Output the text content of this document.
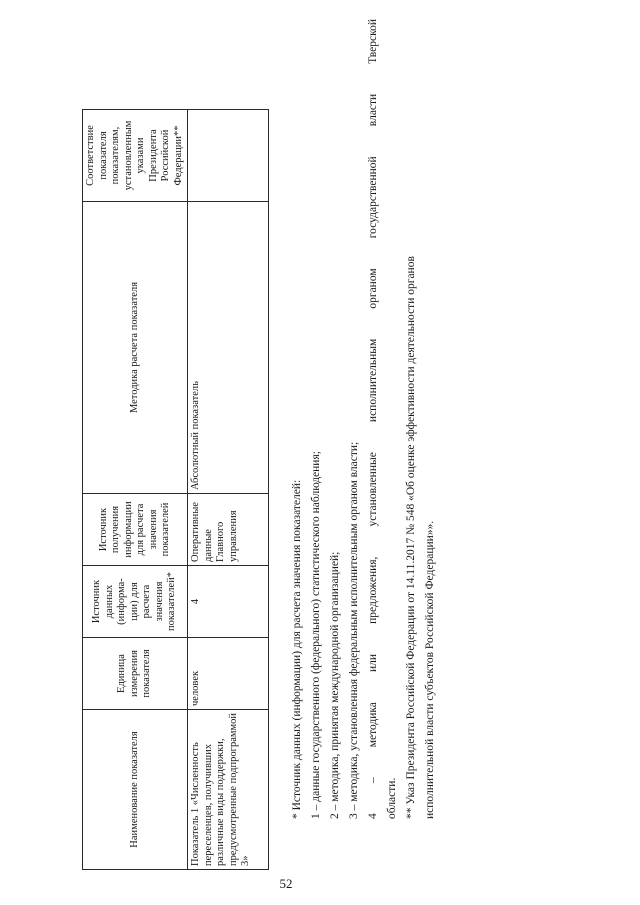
52
Наименование показателя	Единица измерения показателя	Источник данных (информа-ции) для расчета значения показателей*	Источник получения информации для расчета значения показателей	Методика расчета показателя	Соответствие показателя показателям, установленным указами Президента Российской Федерации**
Показатель 1 «Численность переселенцев, получивших различные виды поддержки, предусмотренные подпрограммой 3»	человек	4	Оперативные данные Главного управления	Абсолютный показатель	

* Источник данных (информации) для расчета значения показателей: 1 – данные государственного (федерального) статистического наблюдения; 2 – методика, принятая международной организацией; 3 – методика, установленная федеральным исполнительным органом власти; 4 – методика или предложения, установленные исполнительным органом государственной власти Тверской области. ** Указ Президента Российской Федерации от 14.11.2017 № 548 «Об оценке эффективности деятельности органов исполнительной власти субъектов Российской Федерации»».
